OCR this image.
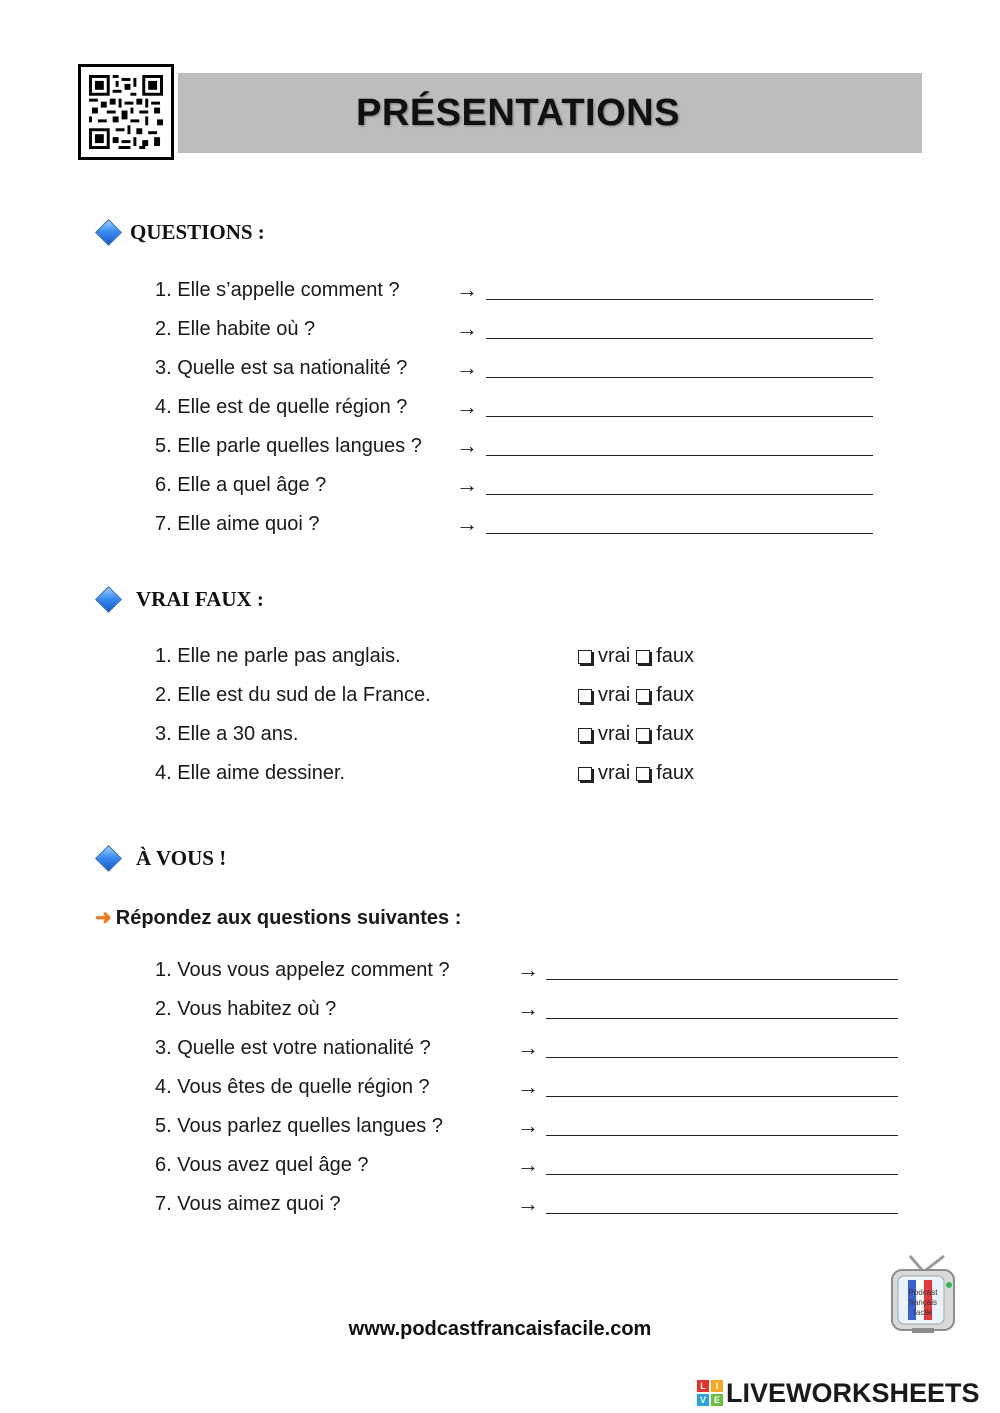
PRÉSENTATIONS
QUESTIONS :
1. Elle s’appelle comment ?	→
2. Elle habite où ?	→
3. Quelle est sa nationalité ? →
4. Elle est de quelle région ? →
5. Elle parle quelles langues ? →
6. Elle a quel âge ?	→
7. Elle aime quoi ?	→
VRAI FAUX :
1. Elle ne parle pas anglais.	vrai faux
2. Elle est du sud de la France.	vrai faux
3. Elle a 30 ans.	vrai faux
4. Elle aime dessiner.	vrai faux
À VOUS !
➜ Répondez aux questions suivantes :
1. Vous vous appelez comment ?	→
2. Vous habitez où ?	→
3. Quelle est votre nationalité ?	→
4. Vous êtes de quelle région ?	→
5. Vous parlez quelles langues ?	→
6. Vous avez quel âge ?	→
7. Vous aimez quoi ?	→
Podcast
français
facile
www.podcastfrancaisfacile.com
L	I
V E LIVEWORKSHEETS
